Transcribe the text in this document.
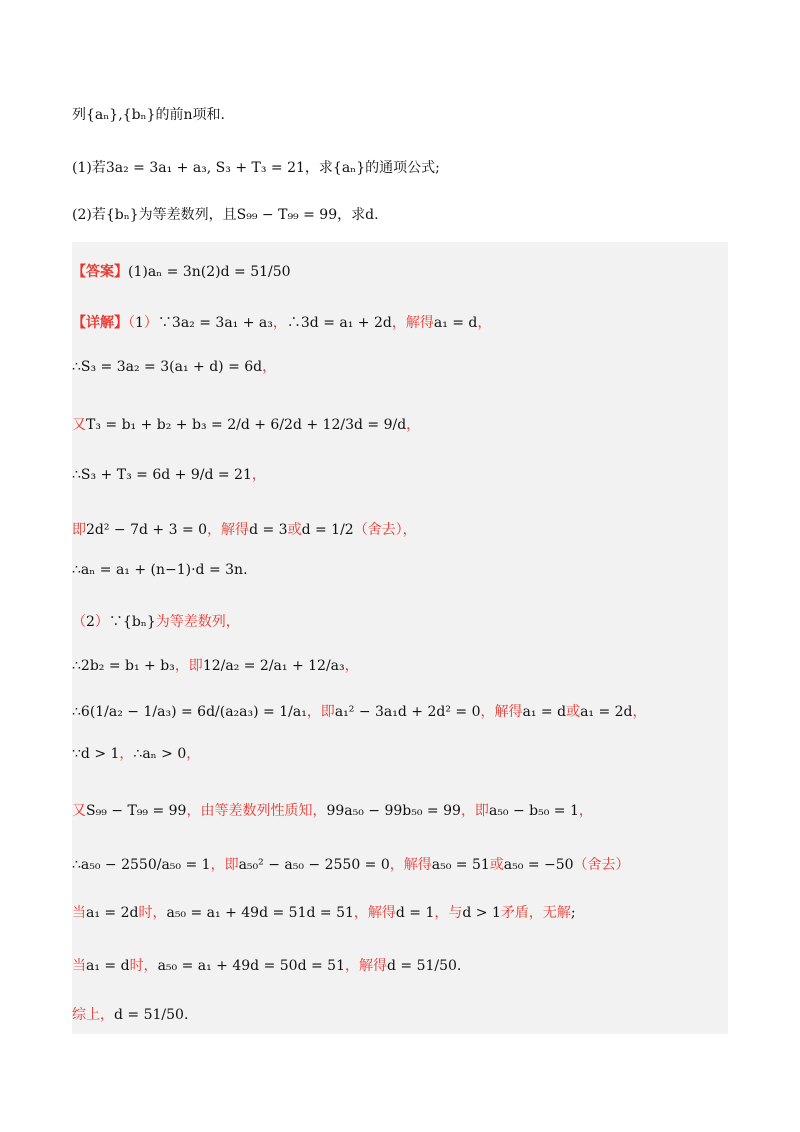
列{aₙ},{bₙ}的前n项和.
(1)若3a₂ = 3a₁ + a₃, S₃ + T₃ = 21，求{aₙ}的通项公式;
(2)若{bₙ}为等差数列，且S₉₉ − T₉₉ = 99，求d.
【答案】(1)aₙ = 3n(2)d = 51/50
【详解】（1）∵3a₂ = 3a₁ + a₃，∴3d = a₁ + 2d，解得a₁ = d，
∴S₃ = 3a₂ = 3(a₁ + d) = 6d，
又T₃ = b₁ + b₂ + b₃ = 2/d + 6/2d + 12/3d = 9/d，
∴S₃ + T₃ = 6d + 9/d = 21，
即2d² − 7d + 3 = 0，解得d = 3或d = 1/2（舍去），
∴aₙ = a₁ + (n−1)·d = 3n.
（2）∵{bₙ}为等差数列，
∴2b₂ = b₁ + b₃，即12/a₂ = 2/a₁ + 12/a₃，
∴6(1/a₂ − 1/a₃) = 6d/(a₂a₃) = 1/a₁，即a₁² − 3a₁d + 2d² = 0，解得a₁ = d或a₁ = 2d，
∵d > 1，∴aₙ > 0，
又S₉₉ − T₉₉ = 99，由等差数列性质知，99a₅₀ − 99b₅₀ = 99，即a₅₀ − b₅₀ = 1，
∴a₅₀ − 2550/a₅₀ = 1，即a₅₀² − a₅₀ − 2550 = 0，解得a₅₀ = 51或a₅₀ = −50（舍去）
当a₁ = 2d时，a₅₀ = a₁ + 49d = 51d = 51，解得d = 1，与d > 1矛盾，无解;
当a₁ = d时，a₅₀ = a₁ + 49d = 50d = 51，解得d = 51/50.
综上，d = 51/50.
